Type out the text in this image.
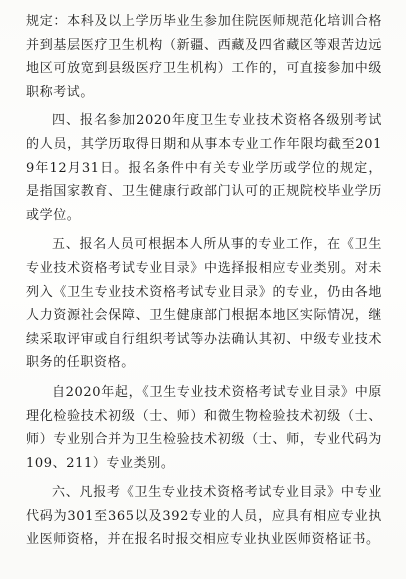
规定：本科及以上学历毕业生参加住院医师规范化培训合格并到基层医疗卫生机构（新疆、西藏及四省藏区等艰苦边远地区可放宽到县级医疗卫生机构）工作的，可直接参加中级职称考试。

四、报名参加2020年度卫生专业技术资格各级别考试的人员，其学历取得日期和从事本专业工作年限均截至2019年12月31日。报名条件中有关专业学历或学位的规定，是指国家教育、卫生健康行政部门认可的正规院校毕业学历或学位。

五、报名人员可根据本人所从事的专业工作，在《卫生专业技术资格考试专业目录》中选择报相应专业类别。对未列入《卫生专业技术资格考试专业目录》的专业，仍由各地人力资源社会保障、卫生健康部门根据本地区实际情况，继续采取评审或自行组织考试等办法确认其初、中级专业技术职务的任职资格。

自2020年起，《卫生专业技术资格考试专业目录》中原理化检验技术初级（士、师）和微生物检验技术初级（士、师）专业别合并为卫生检验技术初级（士、师，专业代码为109、211）专业类别。

六、凡报考《卫生专业技术资格考试专业目录》中专业代码为301至365以及392专业的人员，应具有相应专业执业医师资格，并在报名时报交相应专业执业医师资格证书。
